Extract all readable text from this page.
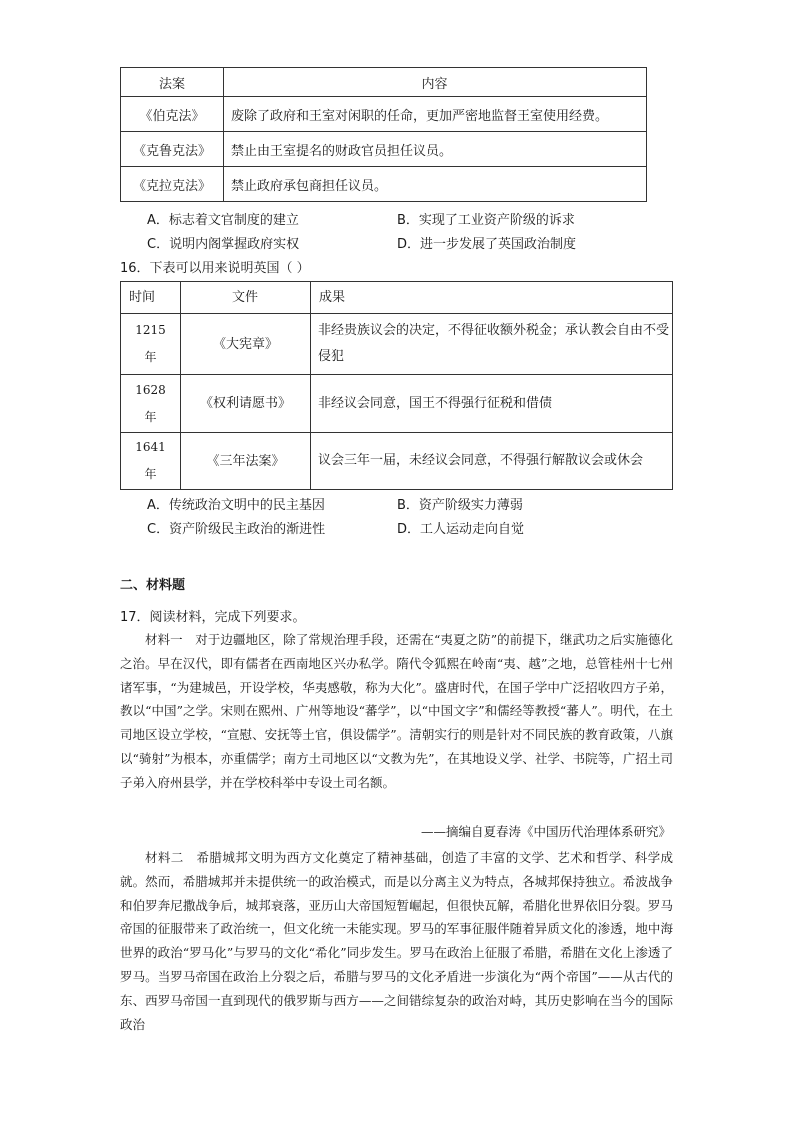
法案	内容
《伯克法》	废除了政府和王室对闲职的任命，更加严密地监督王室使用经费。
《克鲁克法》	禁止由王室提名的财政官员担任议员。
《克拉克法》	禁止政府承包商担任议员。
A．标志着文官制度的建立	B．实现了工业资产阶级的诉求
C．说明内阁掌握政府实权	D．进一步发展了英国政治制度
16．下表可以用来说明英国（ ）
时间	文件	成果
1215
年	《大宪章》	非经贵族议会的决定，不得征收额外税金；承认教会自由不受侵犯
1628
年	《权利请愿书》	非经议会同意，国王不得强行征税和借债
1641
年	《三年法案》	议会三年一届，未经议会同意，不得强行解散议会或休会
A．传统政治文明中的民主基因	B．资产阶级实力薄弱
C．资产阶级民主政治的渐进性	D．工人运动走向自觉
二、材料题
17．阅读材料，完成下列要求。

材料一　对于边疆地区，除了常规治理手段，还需在“夷夏之防”的前提下，继武功之后实施德化之治。早在汉代，即有儒者在西南地区兴办私学。隋代令狐熙在岭南“夷、越”之地，总管桂州十七州诸军事，“为建城邑，开设学校，华夷感敬，称为大化”。盛唐时代，在国子学中广泛招收四方子弟，教以“中国”之学。宋则在熙州、广州等地设“蕃学”，以“中国文字”和儒经等教授“蕃人”。明代，在土司地区设立学校，“宣慰、安抚等土官，俱设儒学”。清朝实行的则是针对不同民族的教育政策，八旗以“骑射”为根本，亦重儒学；南方土司地区以“文教为先”，在其地设义学、社学、书院等，广招土司子弟入府州县学，并在学校科举中专设土司名额。

——摘编自夏春涛《中国历代治理体系研究》

材料二　希腊城邦文明为西方文化奠定了精神基础，创造了丰富的文学、艺术和哲学、科学成就。然而，希腊城邦并未提供统一的政治模式，而是以分离主义为特点，各城邦保持独立。希波战争和伯罗奔尼撒战争后，城邦衰落，亚历山大帝国短暂崛起，但很快瓦解，希腊化世界依旧分裂。罗马帝国的征服带来了政治统一，但文化统一未能实现。罗马的军事征服伴随着异质文化的渗透，地中海世界的政治“罗马化”与罗马的文化“希化”同步发生。罗马在政治上征服了希腊，希腊在文化上渗透了罗马。当罗马帝国在政治上分裂之后，希腊与罗马的文化矛盾进一步演化为“两个帝国”——从古代的东、西罗马帝国一直到现代的俄罗斯与西方——之间错综复杂的政治对峙，其历史影响在当今的国际政治
